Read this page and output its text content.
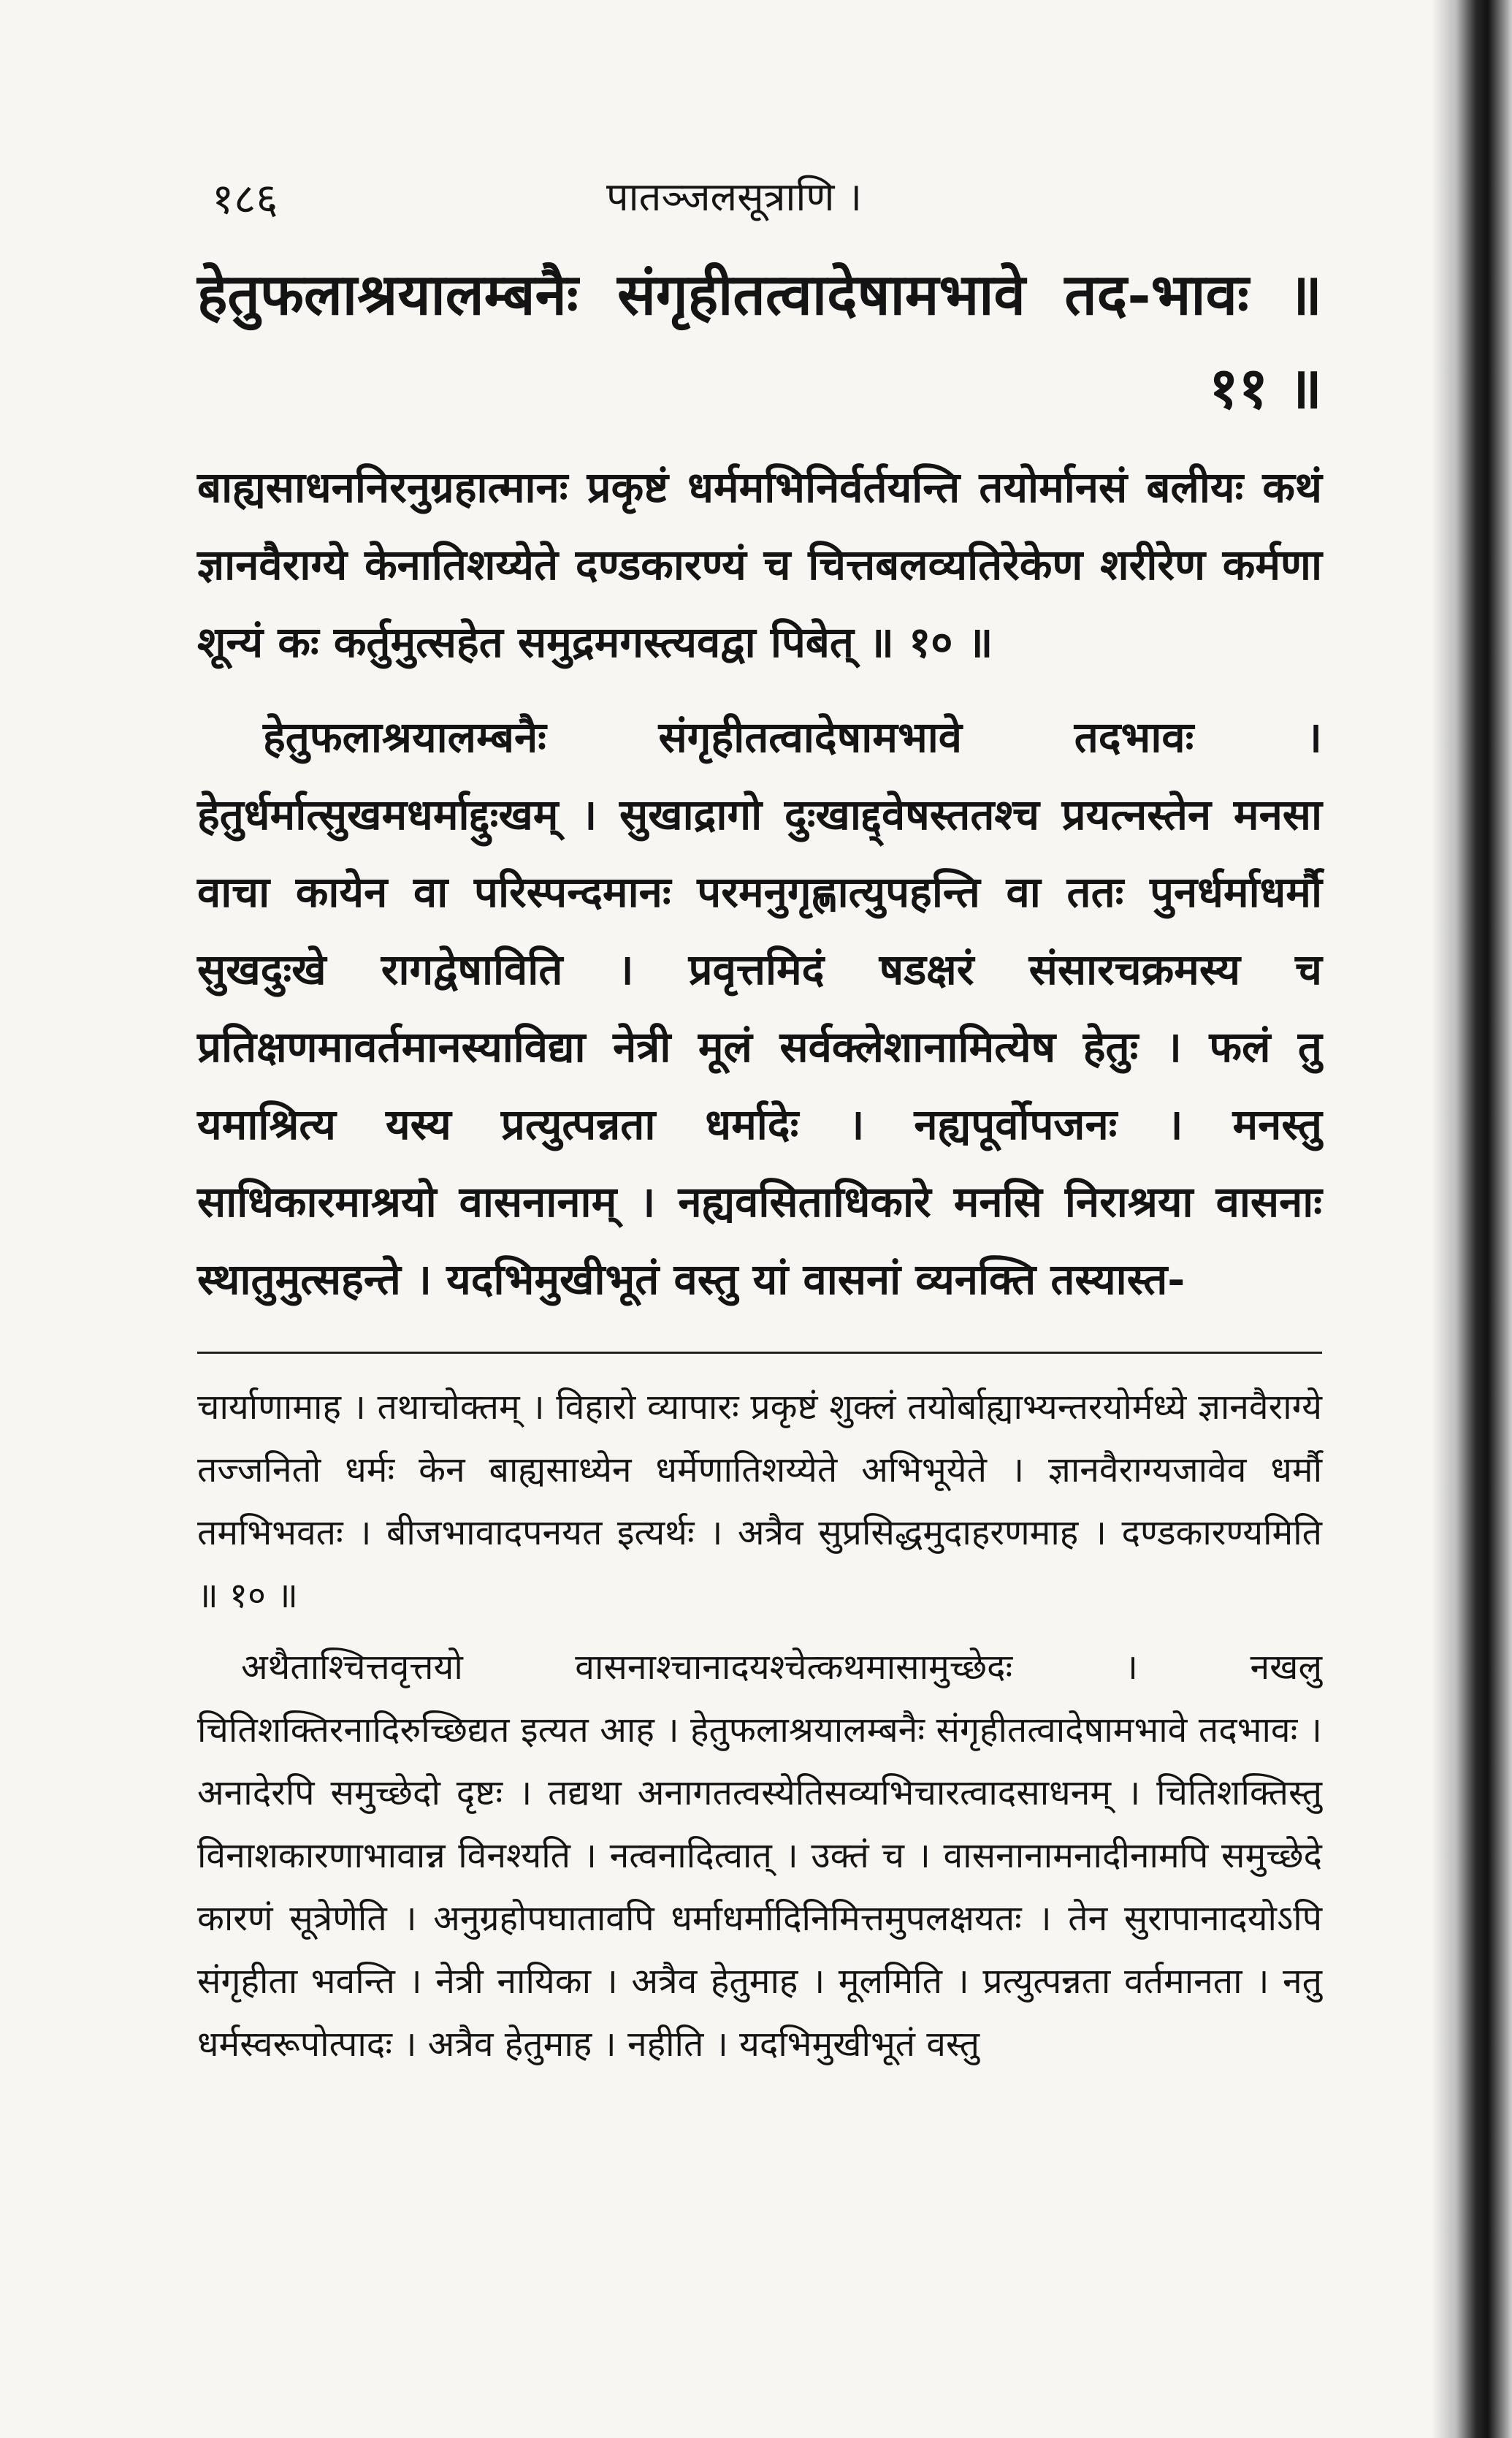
१८६	पातञ्जलसूत्राणि ।

हेतुफलाश्रयालम्बनैः संगृहीतत्वादेषामभावे तद-भावः ॥ ११ ॥

बाह्यसाधननिरनुग्रहात्मानः प्रकृष्टं धर्ममभिनिर्वर्तयन्ति तयोर्मानसं बलीयः कथं ज्ञानवैराग्ये केनातिशय्येते दण्डकारण्यं च चित्तबलव्यतिरेकेण शरीरेण कर्मणा शून्यं कः कर्तुमुत्सहेत समुद्रमगस्त्यवद्वा पिबेत् ॥ १० ॥

हेतुफलाश्रयालम्बनैः संगृहीतत्वादेषामभावे तदभावः । हेतुर्धर्मात्सुखमधर्माद्दुःखम् । सुखाद्रागो दुःखाद्द्वेषस्ततश्च प्रयत्नस्तेन मनसा वाचा कायेन वा परिस्पन्दमानः परमनुगृह्णात्युपहन्ति वा ततः पुनर्धर्माधर्मौ सुखदुःखे रागद्वेषाविति । प्रवृत्तमिदं षडक्षरं संसारचक्रमस्य च प्रतिक्षणमावर्तमानस्याविद्या नेत्री मूलं सर्वक्लेशानामित्येष हेतुः । फलं तु यमाश्रित्य यस्य प्रत्युत्पन्नता धर्मादेः । नह्यपूर्वोपजनः । मनस्तु साधिकारमाश्रयो वासनानाम् । नह्यवसिताधिकारे मनसि निराश्रया वासनाः स्थातुमुत्सहन्ते । यदभिमुखीभूतं वस्तु यां वासनां व्यनक्ति तस्यास्त-

चार्याणामाह । तथाचोक्तम् । विहारो व्यापारः प्रकृष्टं शुक्लं तयोर्बाह्याभ्यन्तरयोर्मध्ये ज्ञानवैराग्ये तज्जनितो धर्मः केन बाह्यसाध्येन धर्मेणातिशय्येते अभिभूयेते । ज्ञानवैराग्यजावेव धर्मौ तमभिभवतः । बीजभावादपनयत इत्यर्थः । अत्रैव सुप्रसिद्धमुदाहरणमाह । दण्डकारण्यमिति ॥ १० ॥

अथैताश्चित्तवृत्तयो वासनाश्चानादयश्चेत्कथमासामुच्छेदः । नखलु चितिशक्तिरनादिरुच्छिद्यत इत्यत आह । हेतुफलाश्रयालम्बनैः संगृहीतत्वादेषामभावे तदभावः । अनादेरपि समुच्छेदो दृष्टः । तद्यथा अनागतत्वस्येतिसव्यभिचारत्वादसाधनम् । चितिशक्तिस्तु विनाशकारणाभावान्न विनश्यति । नत्वनादित्वात् । उक्तं च । वासनानामनादीनामपि समुच्छेदे कारणं सूत्रेणेति । अनुग्रहोपघातावपि धर्माधर्मादिनिमित्तमुपलक्षयतः । तेन सुरापानादयोऽपि संगृहीता भवन्ति । नेत्री नायिका । अत्रैव हेतुमाह । मूलमिति । प्रत्युत्पन्नता वर्तमानता । नतु धर्मस्वरूपोत्पादः । अत्रैव हेतुमाह । नहीति । यदभिमुखीभूतं वस्तु
